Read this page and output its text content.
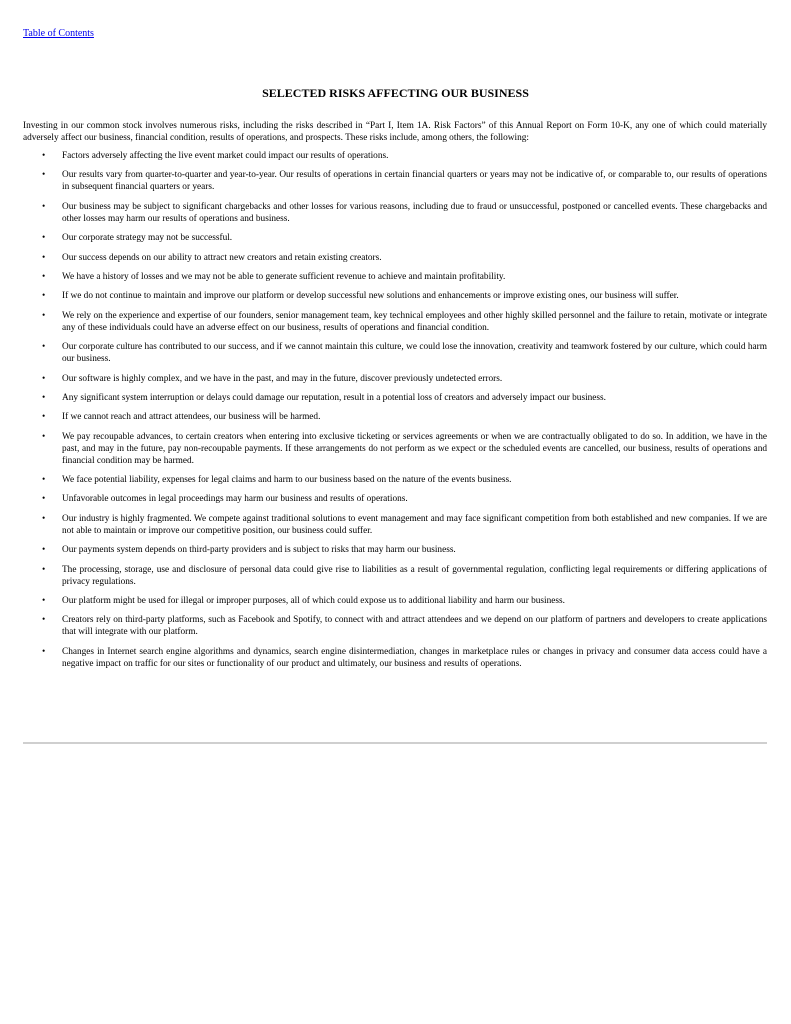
Table of Contents
SELECTED RISKS AFFECTING OUR BUSINESS

Investing in our common stock involves numerous risks, including the risks described in “Part I, Item 1A. Risk Factors” of this Annual Report on Form 10-K, any one of which could materially adversely affect our business, financial condition, results of operations, and prospects. These risks include, among others, the following:

• Factors adversely affecting the live event market could impact our results of operations.
• Our results vary from quarter-to-quarter and year-to-year. Our results of operations in certain financial quarters or years may not be indicative of, or comparable to, our results of operations in subsequent financial quarters or years.
• Our business may be subject to significant chargebacks and other losses for various reasons, including due to fraud or unsuccessful, postponed or cancelled events. These chargebacks and other losses may harm our results of operations and business.
• Our corporate strategy may not be successful.
• Our success depends on our ability to attract new creators and retain existing creators.
• We have a history of losses and we may not be able to generate sufficient revenue to achieve and maintain profitability.
• If we do not continue to maintain and improve our platform or develop successful new solutions and enhancements or improve existing ones, our business will suffer.
• We rely on the experience and expertise of our founders, senior management team, key technical employees and other highly skilled personnel and the failure to retain, motivate or integrate any of these individuals could have an adverse effect on our business, results of operations and financial condition.
• Our corporate culture has contributed to our success, and if we cannot maintain this culture, we could lose the innovation, creativity and teamwork fostered by our culture, which could harm our business.
• Our software is highly complex, and we have in the past, and may in the future, discover previously undetected errors.
• Any significant system interruption or delays could damage our reputation, result in a potential loss of creators and adversely impact our business.
• If we cannot reach and attract attendees, our business will be harmed.
• We pay recoupable advances, to certain creators when entering into exclusive ticketing or services agreements or when we are contractually obligated to do so. In addition, we have in the past, and may in the future, pay non-recoupable payments. If these arrangements do not perform as we expect or the scheduled events are cancelled, our business, results of operations and financial condition may be harmed.
• We face potential liability, expenses for legal claims and harm to our business based on the nature of the events business.
• Unfavorable outcomes in legal proceedings may harm our business and results of operations.
• Our industry is highly fragmented. We compete against traditional solutions to event management and may face significant competition from both established and new companies. If we are not able to maintain or improve our competitive position, our business could suffer.
• Our payments system depends on third-party providers and is subject to risks that may harm our business.
• The processing, storage, use and disclosure of personal data could give rise to liabilities as a result of governmental regulation, conflicting legal requirements or differing applications of privacy regulations.
• Our platform might be used for illegal or improper purposes, all of which could expose us to additional liability and harm our business.
• Creators rely on third-party platforms, such as Facebook and Spotify, to connect with and attract attendees and we depend on our platform of partners and developers to create applications that will integrate with our platform.
• Changes in Internet search engine algorithms and dynamics, search engine disintermediation, changes in marketplace rules or changes in privacy and consumer data access could have a negative impact on traffic for our sites or functionality of our product and ultimately, our business and results of operations.
